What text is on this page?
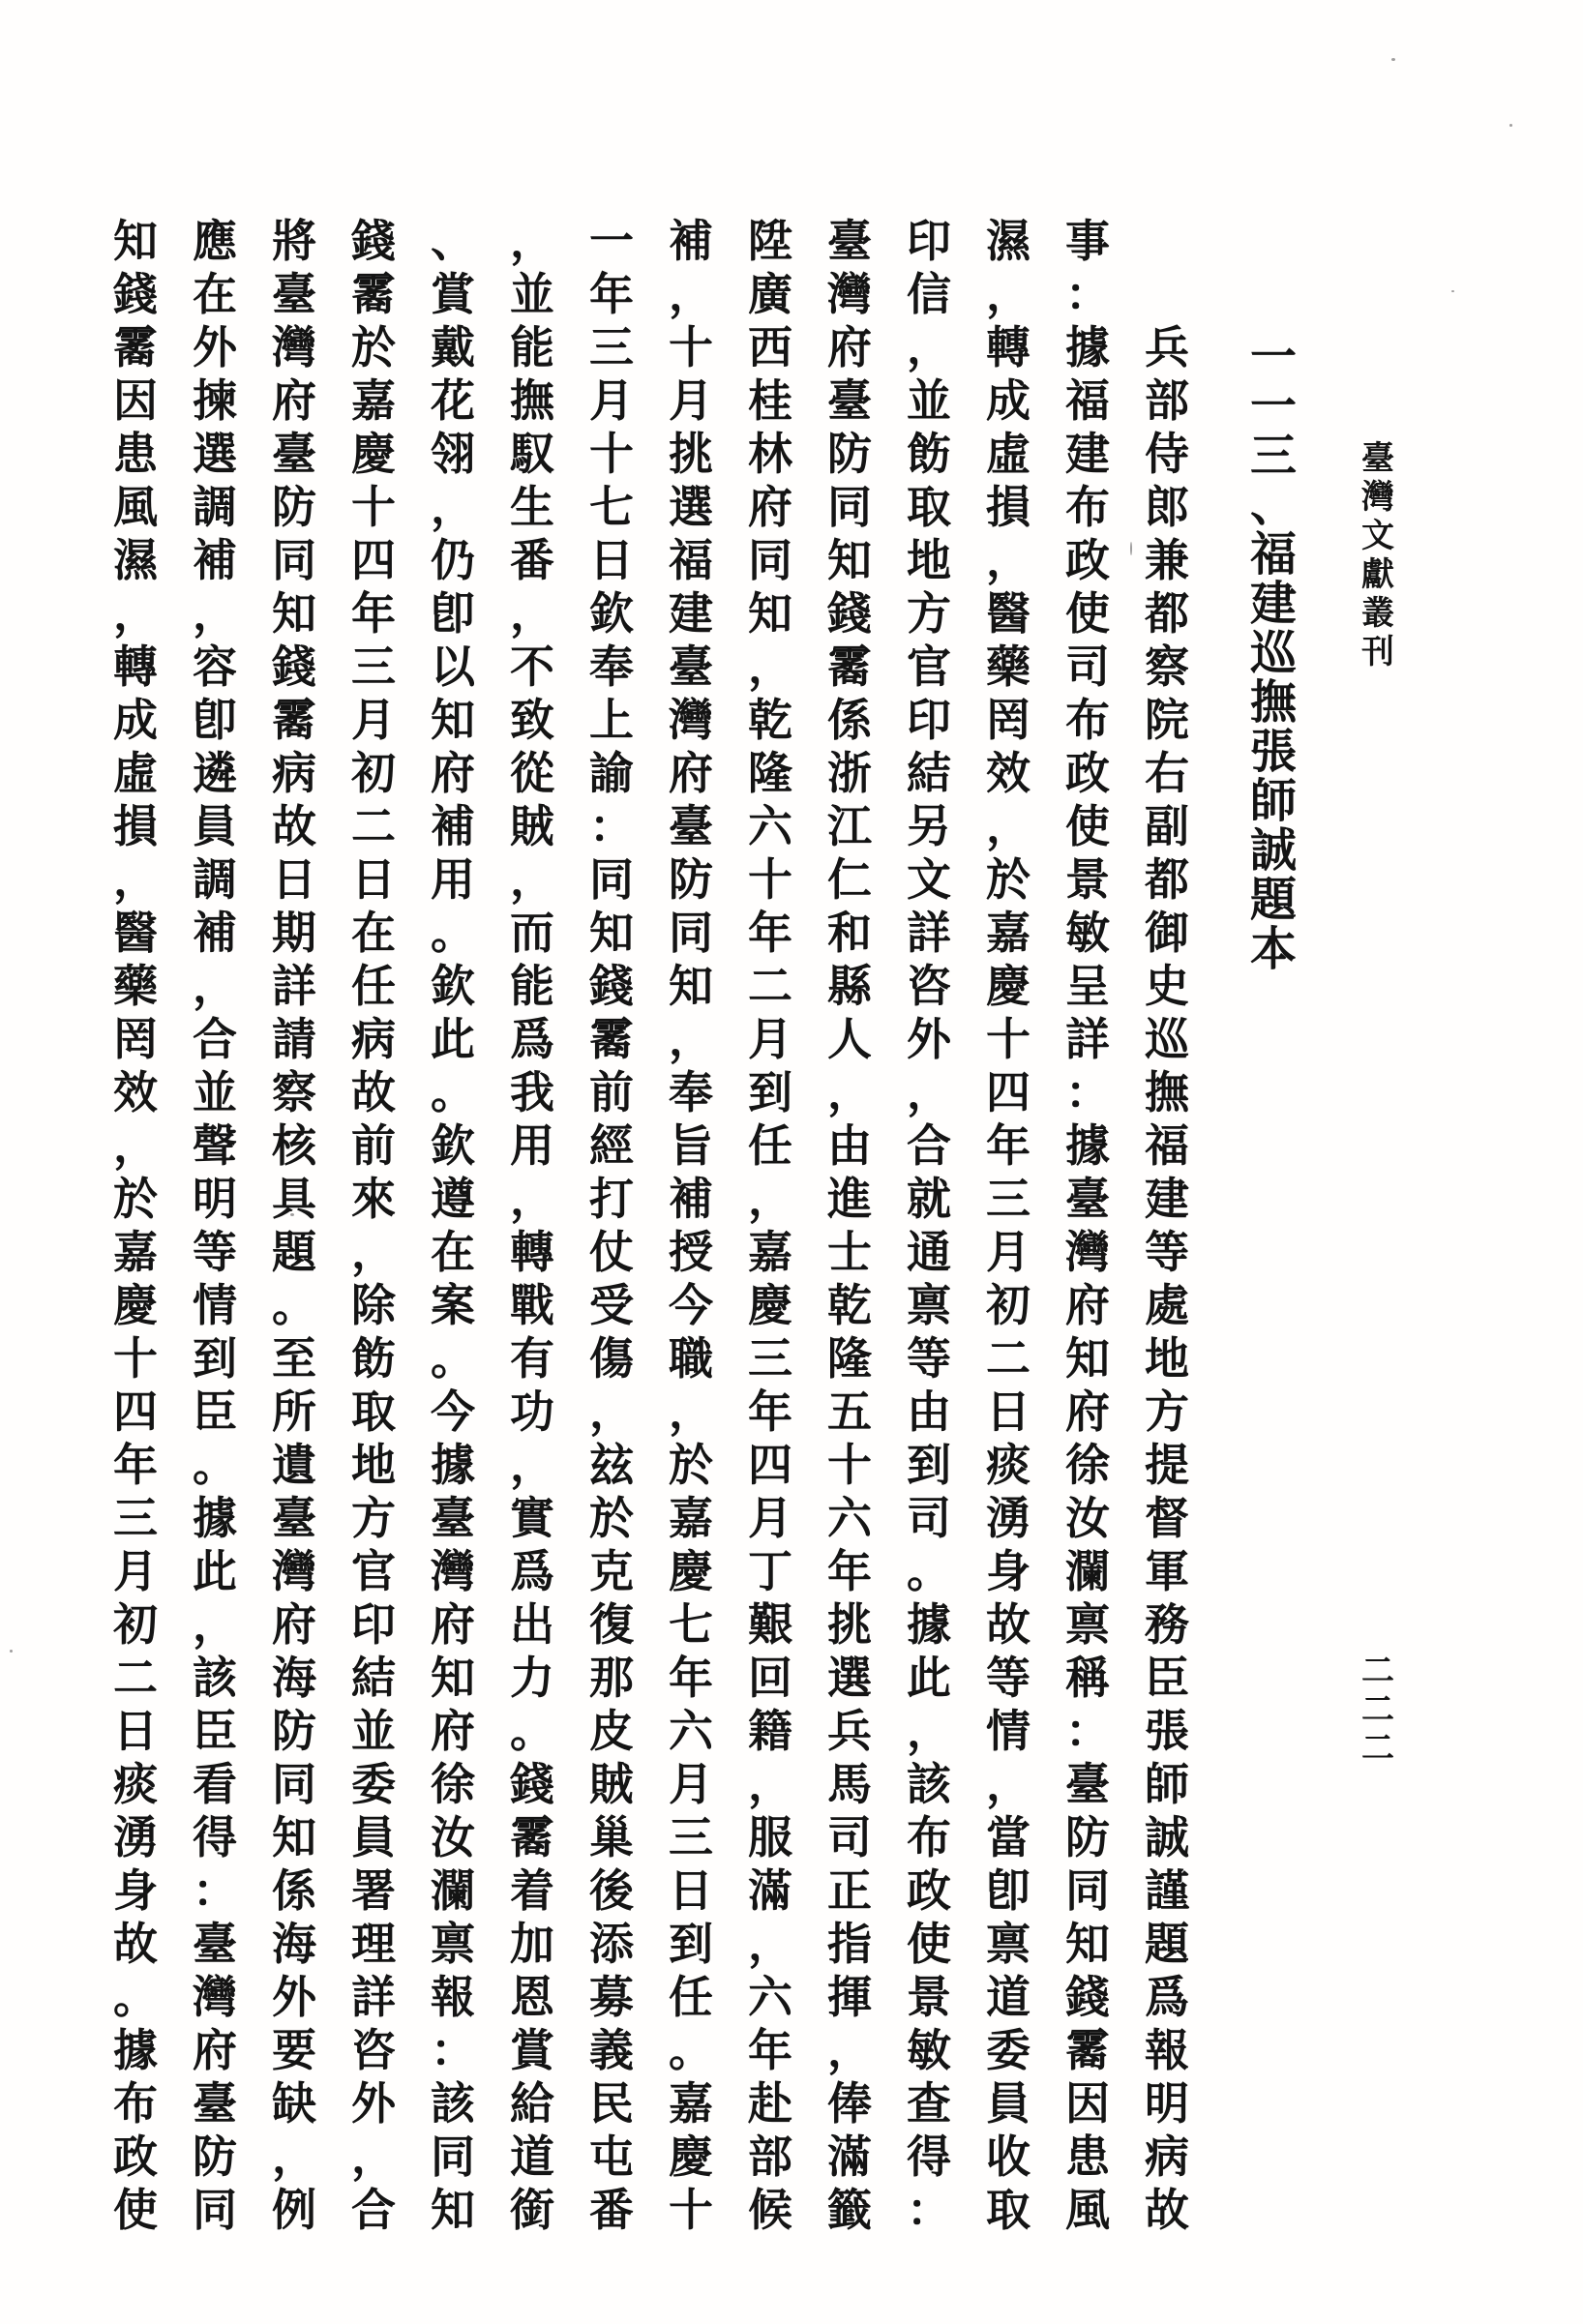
臺
灣
文
獻
叢
刊
一
一
三
、
福
建
巡
撫
張
師
誠
題
本
兵
部
侍
郎
兼
都
察
院
右
副
都
御
史
巡
撫
福
建
等
處
地
方
提
督
軍
務
臣
張
師
誠
謹
題
爲
報
明
病
故
事
：
據
福
建
布
政
使
司
布
政
使
景
敏
呈
詳
：
據
臺
灣
府
知
府
徐
汝
瀾
禀
稱
：
臺
防
同
知
錢
霱
因
患
風
濕
，
轉
成
虛
損
，
醫
藥
罔
效
，
於
嘉
慶
十
四
年
三
月
初
二
日
痰
湧
身
故
等
情
，
當
卽
禀
道
委
員
收
取
印
信
，
並
飭
取
地
方
官
印
結
另
文
詳
咨
外
，
合
就
通
禀
等
由
到
司
。
據
此
，
該
布
政
使
景
敏
查
得
：
臺
灣
府
臺
防
同
知
錢
霱
係
浙
江
仁
和
縣
人
，
由
進
士
乾
隆
五
十
六
年
挑
選
兵
馬
司
正
指
揮
，
俸
滿
籤
陞
廣
西
桂
林
府
同
知
，
乾
隆
六
十
年
二
月
到
任
，
嘉
慶
三
年
四
月
丁
艱
回
籍
，
服
滿
，
六
年
赴
部
候
補
，
十
月
挑
選
福
建
臺
灣
府
臺
防
同
知
，
奉
旨
補
授
今
職
，
於
嘉
慶
七
年
六
月
三
日
到
任
。
嘉
慶
十
一
年
三
月
十
七
日
欽
奉
上
諭
：
同
知
錢
霱
前
經
打
仗
受
傷
，
玆
於
克
復
那
皮
賊
巢
後
添
募
義
民
屯
番
，
並
能
撫
馭
生
番
，
不
致
從
賊
，
而
能
爲
我
用
，
轉
戰
有
功
，
實
爲
出
力
。
錢
霱
着
加
恩
賞
給
道
銜
、
賞
戴
花
翎
，
仍
卽
以
知
府
補
用
。
欽
此
。
欽
遵
在
案
。
今
據
臺
灣
府
知
府
徐
汝
瀾
禀
報
：
該
同
知
錢
霱
於
嘉
慶
十
四
年
三
月
初
二
日
在
任
病
故
前
來
，
除
飭
取
地
方
官
印
結
並
委
員
署
理
詳
咨
外
，
合
將
臺
灣
府
臺
防
同
知
錢
霱
病
故
日
期
詳
請
察
核
具
題
。
至
所
遺
臺
灣
府
海
防
同
知
係
海
外
要
缺
，
例
應
在
外
揀
選
調
補
，
容
卽
遴
員
調
補
，
合
並
聲
明
等
情
到
臣
。
據
此
，
該
臣
看
得
：
臺
灣
府
臺
防
同
知
錢
霱
因
患
風
濕
，
轉
成
虛
損
，
醫
藥
罔
效
，
於
嘉
慶
十
四
年
三
月
初
二
日
痰
湧
身
故
。
據
布
政
使
二
二
二
